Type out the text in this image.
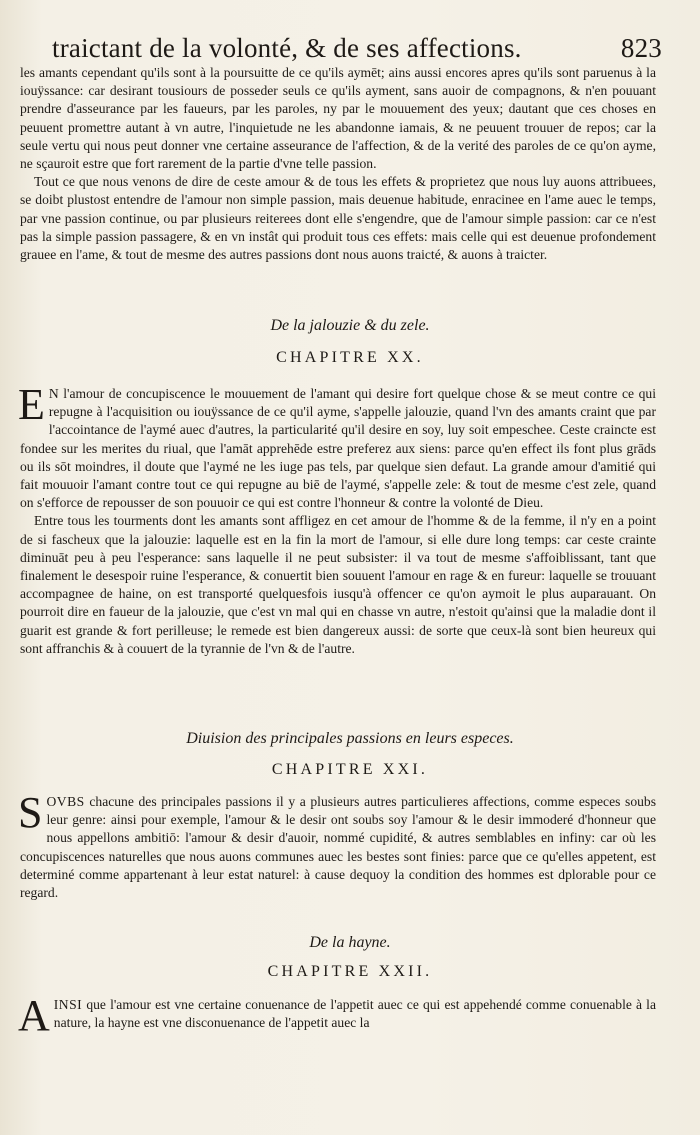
traictant de la volonté, & de ses affections.	823

les amants cependant qu'ils sont à la poursuitte de ce qu'ils aymēt; ains aussi encores apres qu'ils sont paruenus à la iouÿssance: car desirant tousiours de posseder seuls ce qu'ils ayment, sans auoir de compagnons, & n'en pouuant prendre d'asseurance par les faueurs, par les paroles, ny par le mouuement des yeux; dautant que ces choses en peuuent promettre autant à vn autre, l'inquietude ne les abandonne iamais, & ne peuuent trouuer de repos; car la seule vertu qui nous peut donner vne certaine asseurance de l'affection, & de la verité des paroles de ce qu'on ayme, ne sçauroit estre que fort rarement de la partie d'vne telle passion.

Tout ce que nous venons de dire de ceste amour & de tous les effets & proprietez que nous luy auons attribuees, se doibt plustost entendre de l'amour non simple passion, mais deuenue habitude, enracinee en l'ame auec le temps, par vne passion continue, ou par plusieurs reiterees dont elle s'engendre, que de l'amour simple passion: car ce n'est pas la simple passion passagere, & en vn instât qui produit tous ces effets: mais celle qui est deuenue profondement grauee en l'ame, & tout de mesme des autres passions dont nous auons traicté, & auons à traicter.

De la jalouzie & du zele.
CHAPITRE XX.

E N l'amour de concupiscence le mouuement de l'amant qui desire fort quelque chose & se meut contre ce qui repugne à l'acquisition ou iouÿssance de ce qu'il ayme, s'appelle jalouzie, quand l'vn des amants craint que par l'accointance de l'aymé auec d'autres, la particularité qu'il desire en soy, luy soit empeschee. Ceste craincte est fondee sur les merites du riual, que l'amāt apprehēde estre preferez aux siens: parce qu'en effect ils font plus grāds ou ils sōt moindres, il doute que l'aymé ne les iuge pas tels, par quelque sien defaut. La grande amour d'amitié qui fait mouuoir l'amant contre tout ce qui repugne au biē de l'aymé, s'appelle zele: & tout de mesme c'est zele, quand on s'efforce de repousser de son pouuoir ce qui est contre l'honneur & contre la volonté de Dieu.

Entre tous les tourments dont les amants sont affligez en cet amour de l'homme & de la femme, il n'y en a point de si fascheux que la jalouzie: laquelle est en la fin la mort de l'amour, si elle dure long temps: car ceste crainte diminuāt peu à peu l'esperance: sans laquelle il ne peut subsister: il va tout de mesme s'affoiblissant, tant que finalement le desespoir ruine l'esperance, & conuertit bien souuent l'amour en rage & en fureur: laquelle se trouuant accompagnee de haine, on est transporté quelquesfois iusqu'à offencer ce qu'on aymoit le plus auparauant. On pourroit dire en faueur de la jalouzie, que c'est vn mal qui en chasse vn autre, n'estoit qu'ainsi que la maladie dont il guarit est grande & fort perilleuse; le remede est bien dangereux aussi: de sorte que ceux-là sont bien heureux qui sont affranchis & à couuert de la tyrannie de l'vn & de l'autre.

Diuision des principales passions en leurs especes.
CHAPITRE XXI.

SOVBS chacune des principales passions il y a plusieurs autres particulieres affections, comme especes soubs leur genre: ainsi pour exemple, l'amour & le desir ont soubs soy l'amour & le desir immoderé d'honneur que nous appellons ambitiō: l'amour & desir d'auoir, nommé cupidité, & autres semblables en infiny: car où les concupiscences naturelles que nous auons communes auec les bestes sont finies: parce que ce qu'elles appetent, est determiné comme appartenant à leur estat naturel: à cause dequoy la condition des hommes est dplorable pour ce regard.

De la hayne.
CHAPITRE XXII.

AINSI que l'amour est vne certaine conuenance de l'appetit auec ce qui est appehendé comme conuenable à la nature, la hayne est vne disconuenance de l'appetit auec la
